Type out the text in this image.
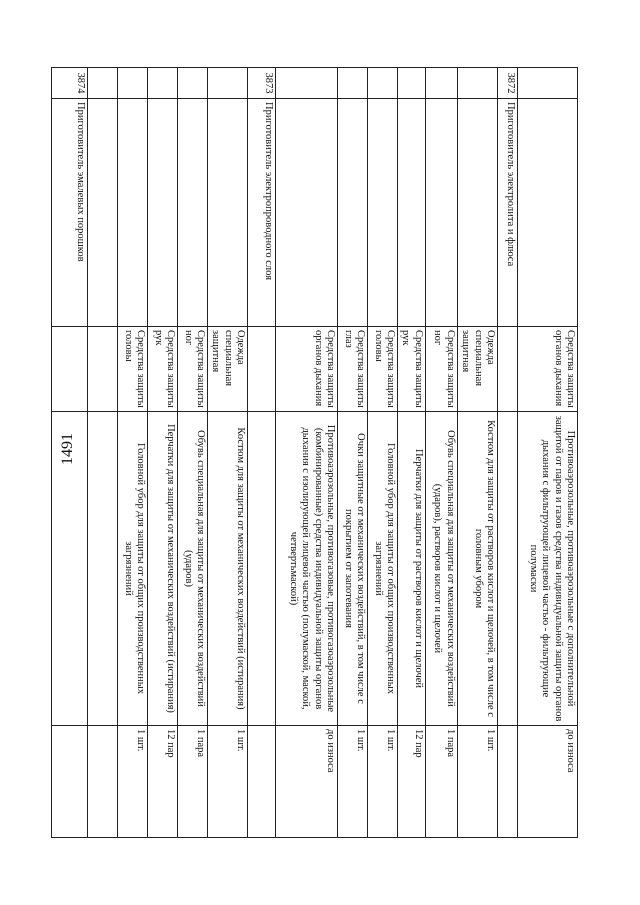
1491
		Средства защиты органов дыхания	Противоаэрозольные, противоаэрозольные с дополнительной защитой от паров и газов средства индивидуальной защиты органов дыхания с фильтрующей лицевой частью - фильтрующие полумаски	до износа
3872	Приготовитель электролита и флюса			
		Одежда специальная защитная	Костюм для защиты от растворов кислот и щелочей, в том числе с головным убором	1 шт.
		Средства защиты ног	Обувь специальная для защиты от механических воздействий (ударов), растворов кислот и щелочей	1 пара
		Средства защиты рук	Перчатки для защиты от растворов кислот и щелочей	12 пар
		Средства защиты головы	Головной убор для защиты от общих производственных загрязнений	1 шт.
		Средства защиты глаз	Очки защитные от механических воздействий, в том числе с покрытием от запотевания	1 шт.
		Средства защиты органов дыхания	Противоаэрозольные, противогазовые, противогазоаэрозольные (комбинированные) средства индивидуальной защиты органов дыхания с изолирующей лицевой частью (полумаской, маской, четвертьмаской)	до износа
3873	Приготовитель электропроводного слоя			
		Одежда специальная защитная	Костюм для защиты от механических воздействий (истирания)	1 шт.
		Средства защиты ног	Обувь специальная для защиты от механических воздействий (ударов)	1 пара
		Средства защиты рук	Перчатки для защиты от механических воздействий (истирания)	12 пар
		Средства защиты головы	Головной убор для защиты от общих производственных загрязнений	1 шт.

3874	Приготовитель эмалевых порошков			
